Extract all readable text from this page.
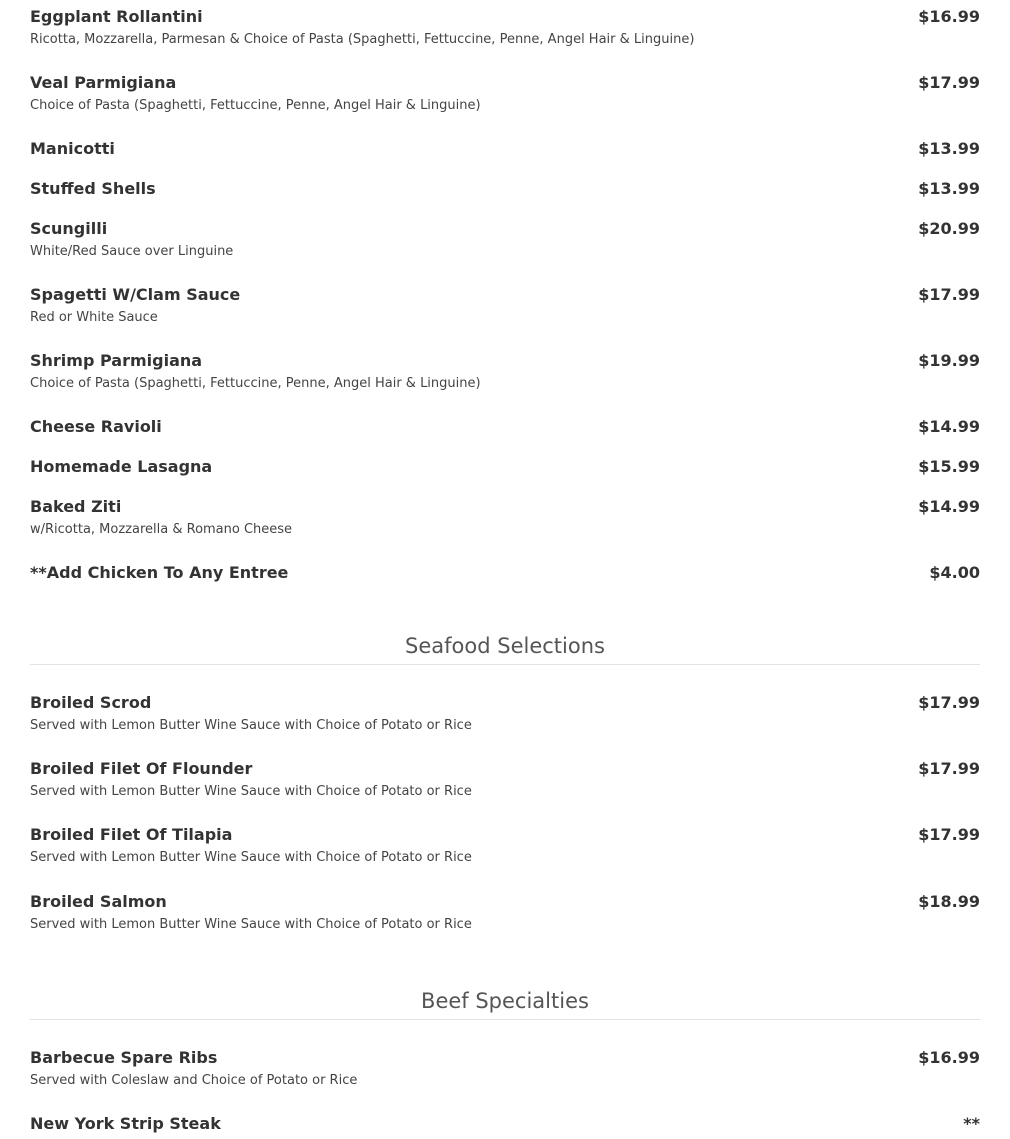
Eggplant Rollantini	$16.99
Ricotta, Mozzarella, Parmesan & Choice of Pasta (Spaghetti, Fettuccine, Penne, Angel Hair & Linguine)
Veal Parmigiana	$17.99
Choice of Pasta (Spaghetti, Fettuccine, Penne, Angel Hair & Linguine)
Manicotti	$13.99
Stuffed Shells	$13.99
Scungilli	$20.99
White/Red Sauce over Linguine
Spagetti W/Clam Sauce	$17.99
Red or White Sauce
Shrimp Parmigiana	$19.99
Choice of Pasta (Spaghetti, Fettuccine, Penne, Angel Hair & Linguine)
Cheese Ravioli	$14.99
Homemade Lasagna	$15.99
Baked Ziti	$14.99
w/Ricotta, Mozzarella & Romano Cheese
**Add Chicken To Any Entree	$4.00
Seafood Selections
Broiled Scrod	$17.99
Served with Lemon Butter Wine Sauce with Choice of Potato or Rice
Broiled Filet Of Flounder	$17.99
Served with Lemon Butter Wine Sauce with Choice of Potato or Rice
Broiled Filet Of Tilapia	$17.99
Served with Lemon Butter Wine Sauce with Choice of Potato or Rice
Broiled Salmon	$18.99
Served with Lemon Butter Wine Sauce with Choice of Potato or Rice
Beef Specialties
Barbecue Spare Ribs	$16.99
Served with Coleslaw and Choice of Potato or Rice
New York Strip Steak	**
